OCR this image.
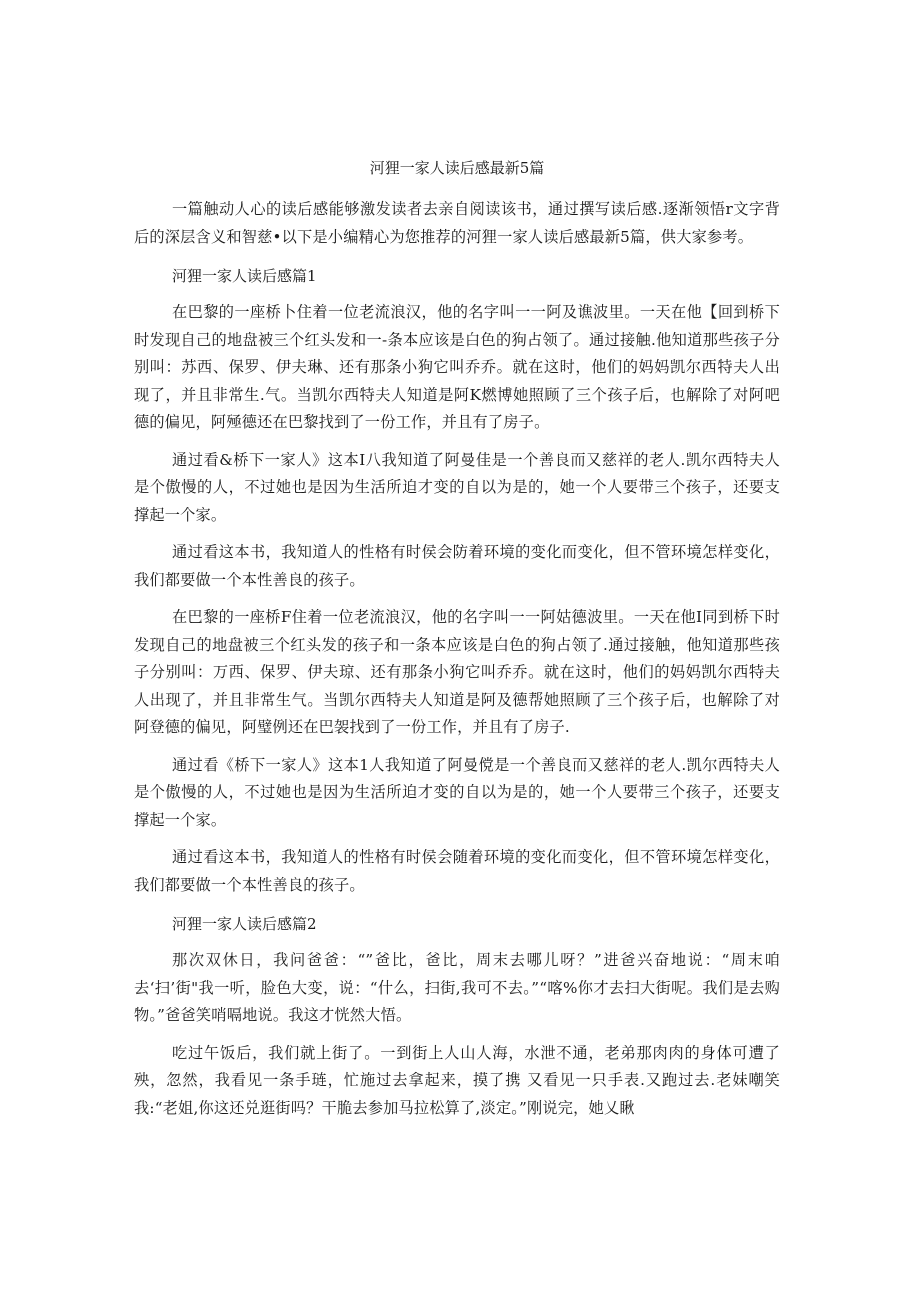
河狸一家人读后感最新5篇
一篇触动人心的读后感能够激发读者去亲自阅读该书，通过撰写读后感.逐渐领悟r文字背后的深层含义和智慈•以下是小编精心为您推荐的河狸一家人读后感最新5篇，供大家参考。
河狸一家人读后感篇1
在巴黎的一座桥卜住着一位老流浪汉，他的名字叫一一阿及谯波里。一天在他【回到桥下时发现自己的地盘被三个红头发和一-条本应该是白色的狗占领了。通过接触.他知道那些孩子分别叫：苏西、保罗、伊夫琳、还有那条小狗它叫乔乔。就在这时，他们的妈妈凯尔西特夫人出现了，并且非常生.气。当凯尔西特夫人知道是阿K燃博她照顾了三个孩子后，也解除了对阿吧德的偏见，阿殛德还在巴黎找到了一份工作，并且有了房子。
通过看&桥下一家人》这本I八我知道了阿曼佳是一个善良而又慈祥的老人.凯尔西特夫人是个傲慢的人，不过她也是因为生活所迫才变的自以为是的，她一个人要带三个孩子，还要支撑起一个家。
通过看这本书，我知道人的性格有时侯会防着环境的变化而变化，但不管环境怎样变化，我们都要做一个本性善良的孩子。
在巴黎的一座桥F住着一位老流浪汉，他的名字叫一一阿姑德波里。一天在他I同到桥下时发现自己的地盘被三个红头发的孩子和一条本应该是白色的狗占领了.通过接触，他知道那些孩子分别叫：万西、保罗、伊夫琼、还有那条小狗它叫乔乔。就在这时，他们的妈妈凯尔西特夫人出现了，并且非常生气。当凯尔西特夫人知道是阿及德帮她照顾了三个孩子后，也解除了对阿登德的偏见，阿璧例还在巴袈找到了一份工作，并且有了房子.
通过看《桥下一家人》这本1人我知道了阿曼傥是一个善良而又慈祥的老人.凯尔西特夫人是个傲慢的人，不过她也是因为生活所迫才变的自以为是的，她一个人要带三个孩子，还要支撑起一个家。
通过看这本书，我知道人的性格有时侯会随着环境的变化而变化，但不管环境怎样变化，我们都要做一个本性善良的孩子。
河狸一家人读后感篇2
那次双休日，我问爸爸：“”爸比，爸比，周末去哪儿呀？”进爸兴奋地说：“周末咱去‘扫’街"我一听，脸色大变，说：“什么，扫街,我可不去。”“喀%你才去扫大街呢。我们是去购物。”爸爸笑哨嗝地说。我这才恍然大悟。
吃过午饭后，我们就上街了。一到街上人山人海，水泄不通，老弟那肉肉的身体可遭了殃，忽然，我看见一条手琏，忙施过去拿起来，摸了携 又看见一只手表.又跑过去.老妹嘲笑我:“老姐,你这还兑逛街吗？干脆去参加马拉松算了,淡定。”刚说完，她乂瞅
